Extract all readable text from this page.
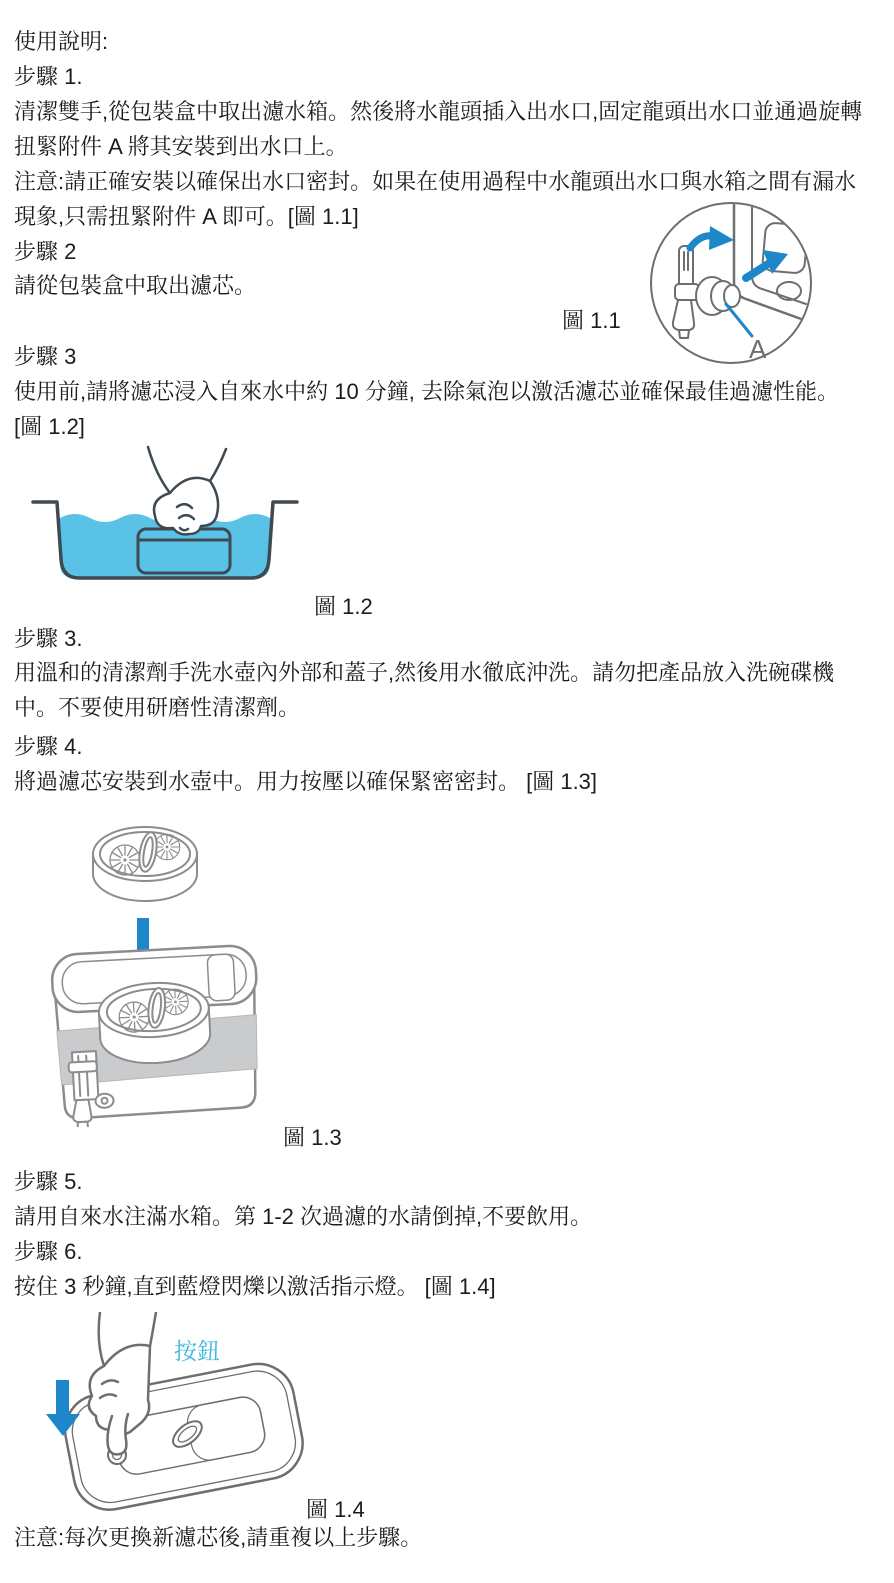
使用說明:
步驟 1.
清潔雙手,從包裝盒中取出濾水箱。然後將水龍頭插入出水口,固定龍頭出水口並通過旋轉扭緊附件 A 將其安裝到出水口上。
注意:請正確安裝以確保出水口密封。如果在使用過程中水龍頭出水口與水箱之間有漏水現象,只需扭緊附件 A 即可。[圖 1.1]
步驟 2
請從包裝盒中取出濾芯。
A
圖 1.1
步驟 3
使用前,請將濾芯浸入自來水中約 10 分鐘, 去除氣泡以激活濾芯並確保最佳過濾性能。 [圖 1.2]
圖 1.2
步驟 3.
用溫和的清潔劑手洗水壺內外部和蓋子,然後用水徹底沖洗。請勿把產品放入洗碗碟機中。不要使用研磨性清潔劑。
步驟 4.
將過濾芯安裝到水壺中。用力按壓以確保緊密密封。 [圖 1.3]
圖 1.3
步驟 5.
請用自來水注滿水箱。第 1-2 次過濾的水請倒掉,不要飲用。
步驟 6.
按住 3 秒鐘,直到藍燈閃爍以激活指示燈。 [圖 1.4]
按鈕
圖 1.4
注意:每次更換新濾芯後,請重複以上步驟。
